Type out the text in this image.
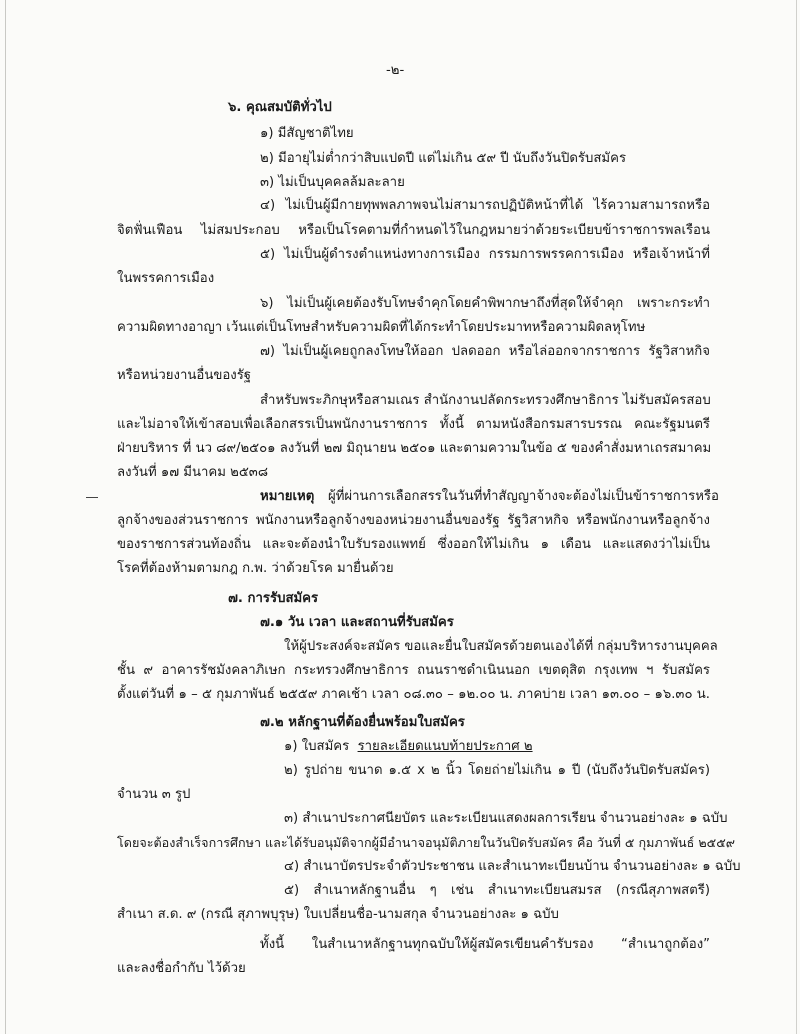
-๒-
๖. คุณสมบัติทั่วไป
๑) มีสัญชาติไทย
๒) มีอายุไม่ต่ำกว่าสิบแปดปี แต่ไม่เกิน ๕๙ ปี นับถึงวันปิดรับสมัคร
๓) ไม่เป็นบุคคลล้มละลาย
๔) ไม่เป็นผู้มีกายทุพพลภาพจนไม่สามารถปฏิบัติหน้าที่ได้ ไร้ความสามารถหรือ
จิตฟั่นเฟือน ไม่สมประกอบ หรือเป็นโรคตามที่กำหนดไว้ในกฎหมายว่าด้วยระเบียบข้าราชการพลเรือน
๕) ไม่เป็นผู้ดำรงตำแหน่งทางการเมือง กรรมการพรรคการเมือง หรือเจ้าหน้าที่
ในพรรคการเมือง
๖) ไม่เป็นผู้เคยต้องรับโทษจำคุกโดยคำพิพากษาถึงที่สุดให้จำคุก เพราะกระทำ
ความผิดทางอาญา เว้นแต่เป็นโทษสำหรับความผิดที่ได้กระทำโดยประมาทหรือความผิดลหุโทษ
๗) ไม่เป็นผู้เคยถูกลงโทษให้ออก ปลดออก หรือไล่ออกจากราชการ รัฐวิสาหกิจ
หรือหน่วยงานอื่นของรัฐ
สำหรับพระภิกษุหรือสามเณร สำนักงานปลัดกระทรวงศึกษาธิการ ไม่รับสมัครสอบ
และไม่อาจให้เข้าสอบเพื่อเลือกสรรเป็นพนักงานราชการ ทั้งนี้ ตามหนังสือกรมสารบรรณ คณะรัฐมนตรี
ฝ่ายบริหาร ที่ นว ๘๙/๒๕๐๑ ลงวันที่ ๒๗ มิถุนายน ๒๕๐๑ และตามความในข้อ ๕ ของคำสั่งมหาเถรสมาคม
ลงวันที่ ๑๗ มีนาคม ๒๕๓๘
หมายเหตุ ผู้ที่ผ่านการเลือกสรรในวันที่ทำสัญญาจ้างจะต้องไม่เป็นข้าราชการหรือ
ลูกจ้างของส่วนราชการ พนักงานหรือลูกจ้างของหน่วยงานอื่นของรัฐ รัฐวิสาหกิจ หรือพนักงานหรือลูกจ้าง
ของราชการส่วนท้องถิ่น และจะต้องนำใบรับรองแพทย์ ซึ่งออกให้ไม่เกิน ๑ เดือน และแสดงว่าไม่เป็น
โรคที่ต้องห้ามตามกฎ ก.พ. ว่าด้วยโรค มายื่นด้วย
๗. การรับสมัคร
๗.๑ วัน เวลา และสถานที่รับสมัคร
ให้ผู้ประสงค์จะสมัคร ขอและยื่นใบสมัครด้วยตนเองได้ที่ กลุ่มบริหารงานบุคคล
ชั้น ๙ อาคารรัชมังคลาภิเษก กระทรวงศึกษาธิการ ถนนราชดำเนินนอก เขตดุสิต กรุงเทพ ฯ รับสมัคร
ตั้งแต่วันที่ ๑ – ๕ กุมภาพันธ์ ๒๕๕๙ ภาคเช้า เวลา ๐๘.๓๐ – ๑๒.๐๐ น. ภาคบ่าย เวลา ๑๓.๐๐ – ๑๖.๓๐ น.
๗.๒ หลักฐานที่ต้องยื่นพร้อมใบสมัคร
๑) ใบสมัคร รายละเอียดแนบท้ายประกาศ ๒
๒) รูปถ่าย ขนาด ๑.๕ x ๒ นิ้ว โดยถ่ายไม่เกิน ๑ ปี (นับถึงวันปิดรับสมัคร)
จำนวน ๓ รูป
๓) สำเนาประกาศนียบัตร และระเบียนแสดงผลการเรียน จำนวนอย่างละ ๑ ฉบับ
โดยจะต้องสำเร็จการศึกษา และได้รับอนุมัติจากผู้มีอำนาจอนุมัติภายในวันปิดรับสมัคร คือ วันที่ ๕ กุมภาพันธ์ ๒๕๕๙
๔) สำเนาบัตรประจำตัวประชาชน และสำเนาทะเบียนบ้าน จำนวนอย่างละ ๑ ฉบับ
๕) สำเนาหลักฐานอื่น ๆ เช่น สำเนาทะเบียนสมรส (กรณีสุภาพสตรี)
สำเนา ส.ด. ๙ (กรณี สุภาพบุรุษ) ใบเปลี่ยนชื่อ-นามสกุล จำนวนอย่างละ ๑ ฉบับ
ทั้งนี้ ในสำเนาหลักฐานทุกฉบับให้ผู้สมัครเขียนคำรับรอง “สำเนาถูกต้อง”
และลงชื่อกำกับ ไว้ด้วย
